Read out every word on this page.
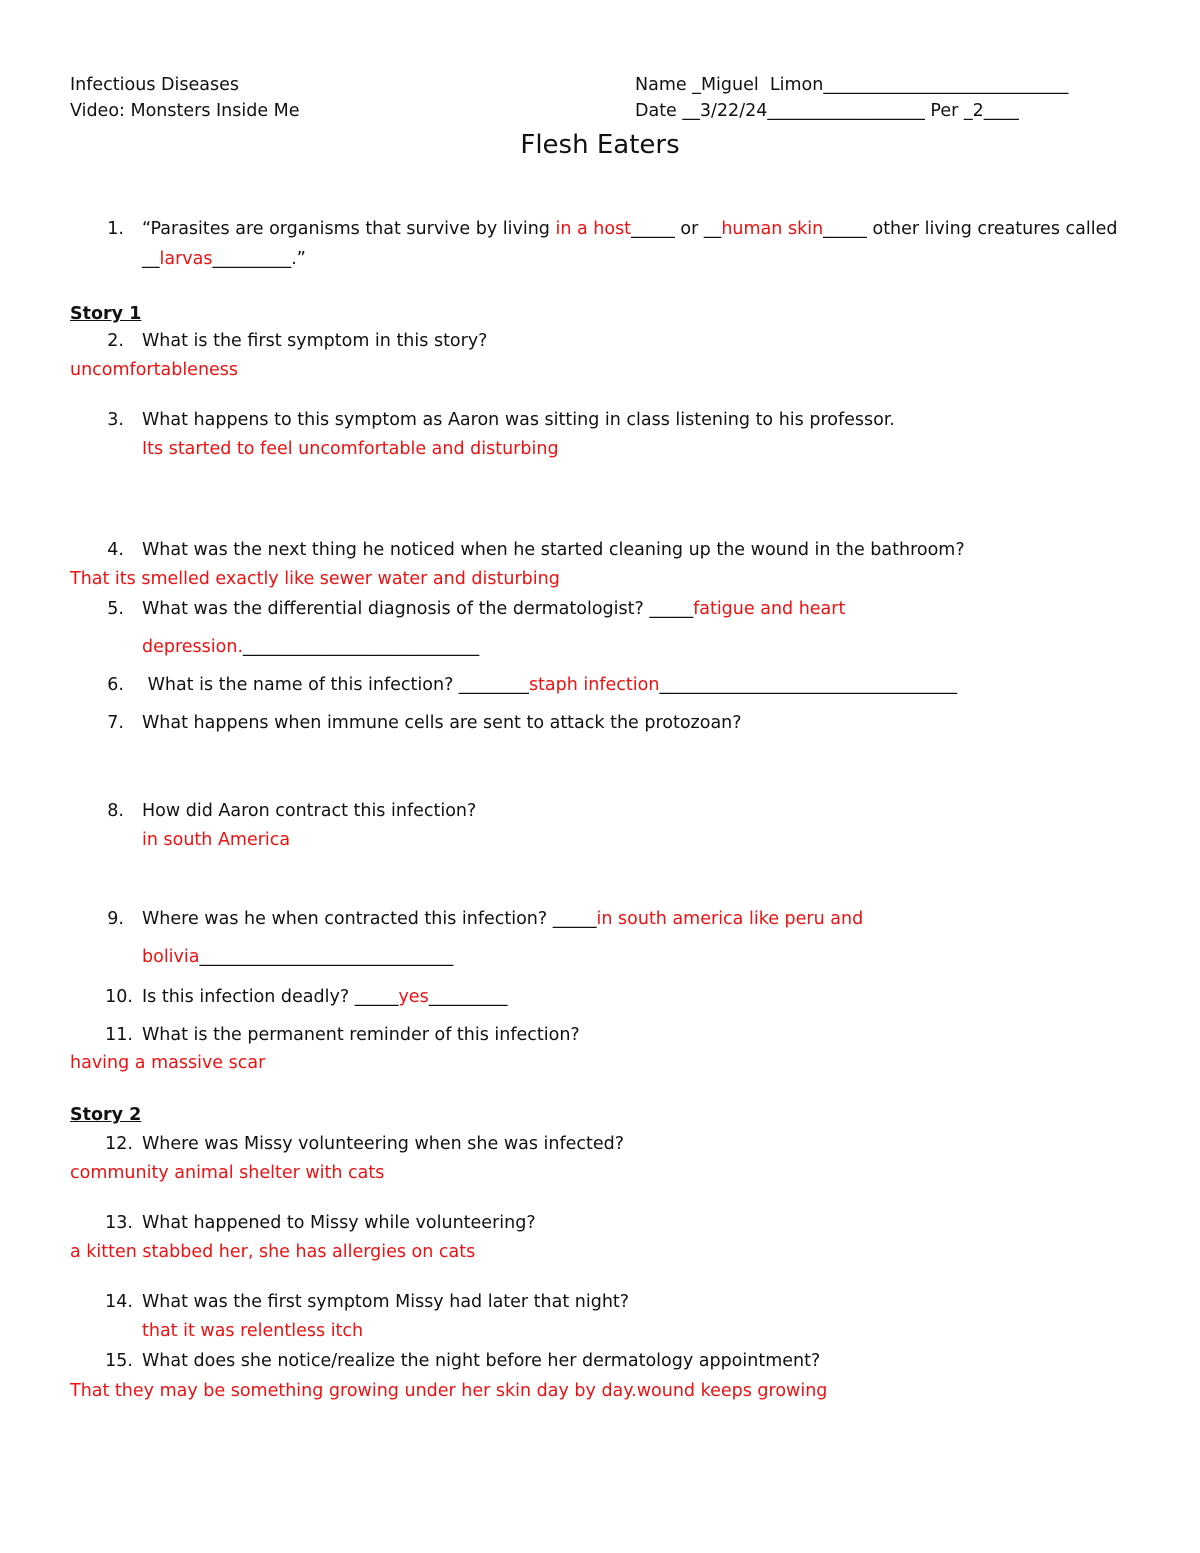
Infectious Diseases
Video: Monsters Inside Me
Name _Miguel  Limon____________________________
Date __3/22/24__________________ Per _2____
Flesh Eaters
1. “Parasites are organisms that survive by living in a host_____ or __human skin_____ other living creatures called
__larvas_________.”
Story 1
2. What is the first symptom in this story?
uncomfortableness
3. What happens to this symptom as Aaron was sitting in class listening to his professor.
Its started to feel uncomfortable and disturbing
4. What was the next thing he noticed when he started cleaning up the wound in the bathroom?
That its smelled exactly like sewer water and disturbing
5. What was the differential diagnosis of the dermatologist? _____fatigue and heart
depression.___________________________
6. What is the name of this infection? ________staph infection__________________________________
7. What happens when immune cells are sent to attack the protozoan?
8. How did Aaron contract this infection?
in south America
9. Where was he when contracted this infection? _____in south america like peru and
bolivia_____________________________
10. Is this infection deadly? _____yes_________
11. What is the permanent reminder of this infection?
having a massive scar
Story 2
12. Where was Missy volunteering when she was infected?
community animal shelter with cats
13. What happened to Missy while volunteering?
a kitten stabbed her, she has allergies on cats
14. What was the first symptom Missy had later that night?
that it was relentless itch
15. What does she notice/realize the night before her dermatology appointment?
That they may be something growing under her skin day by day.wound keeps growing
